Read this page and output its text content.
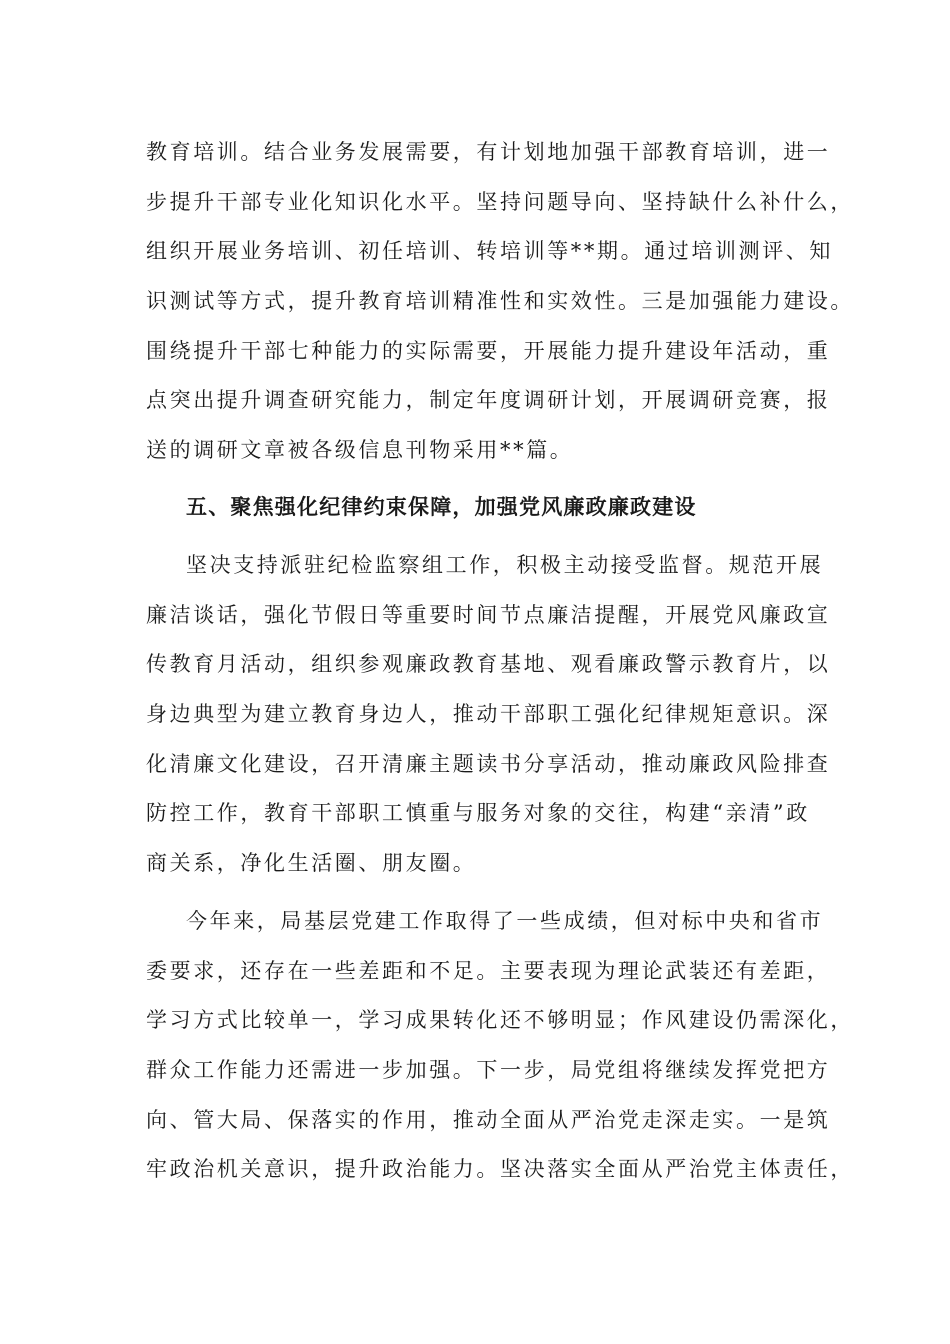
教育培训。结合业务发展需要，有计划地加强干部教育培训，进一
步提升干部专业化知识化水平。坚持问题导向、坚持缺什么补什么，
组织开展业务培训、初任培训、转培训等**期。通过培训测评、知
识测试等方式，提升教育培训精准性和实效性。三是加强能力建设。
围绕提升干部七种能力的实际需要，开展能力提升建设年活动，重
点突出提升调查研究能力，制定年度调研计划，开展调研竞赛，报
送的调研文章被各级信息刊物采用**篇。
五、聚焦强化纪律约束保障，加强党风廉政廉政建设
坚决支持派驻纪检监察组工作，积极主动接受监督。规范开展
廉洁谈话，强化节假日等重要时间节点廉洁提醒，开展党风廉政宣
传教育月活动，组织参观廉政教育基地、观看廉政警示教育片，以
身边典型为建立教育身边人，推动干部职工强化纪律规矩意识。深
化清廉文化建设，召开清廉主题读书分享活动，推动廉政风险排查
防控工作，教育干部职工慎重与服务对象的交往，构建“亲清”政
商关系，净化生活圈、朋友圈。
今年来，局基层党建工作取得了一些成绩，但对标中央和省市
委要求，还存在一些差距和不足。主要表现为理论武装还有差距，
学习方式比较单一，学习成果转化还不够明显；作风建设仍需深化，
群众工作能力还需进一步加强。下一步，局党组将继续发挥党把方
向、管大局、保落实的作用，推动全面从严治党走深走实。一是筑
牢政治机关意识，提升政治能力。坚决落实全面从严治党主体责任，
